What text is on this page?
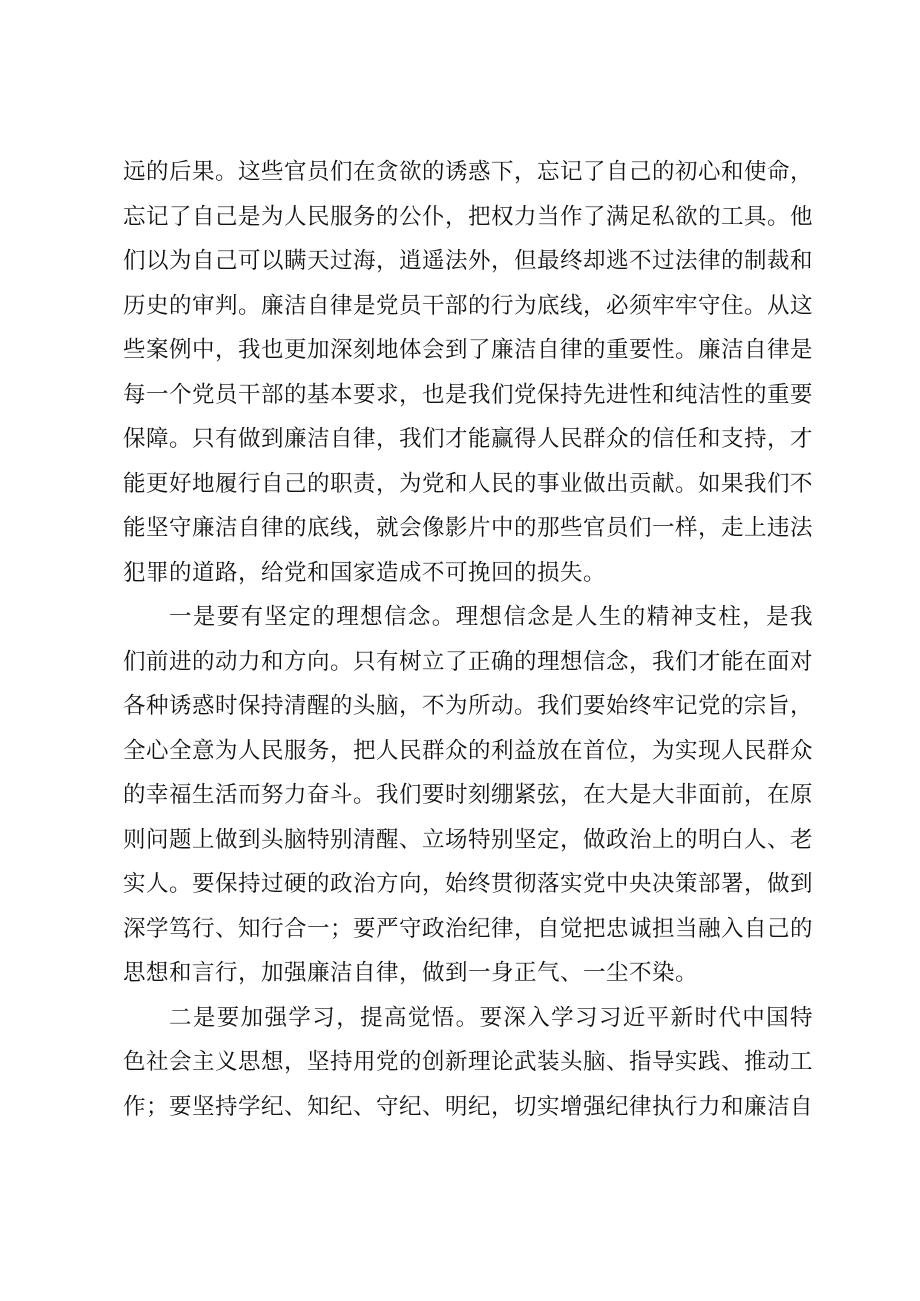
远的后果。这些官员们在贪欲的诱惑下，忘记了自己的初心和使命，
忘记了自己是为人民服务的公仆，把权力当作了满足私欲的工具。他
们以为自己可以瞒天过海，逍遥法外，但最终却逃不过法律的制裁和
历史的审判。廉洁自律是党员干部的行为底线，必须牢牢守住。从这
些案例中，我也更加深刻地体会到了廉洁自律的重要性。廉洁自律是
每一个党员干部的基本要求，也是我们党保持先进性和纯洁性的重要
保障。只有做到廉洁自律，我们才能赢得人民群众的信任和支持，才
能更好地履行自己的职责，为党和人民的事业做出贡献。如果我们不
能坚守廉洁自律的底线，就会像影片中的那些官员们一样，走上违法
犯罪的道路，给党和国家造成不可挽回的损失。
一是要有坚定的理想信念。理想信念是人生的精神支柱，是我
们前进的动力和方向。只有树立了正确的理想信念，我们才能在面对
各种诱惑时保持清醒的头脑，不为所动。我们要始终牢记党的宗旨，
全心全意为人民服务，把人民群众的利益放在首位，为实现人民群众
的幸福生活而努力奋斗。我们要时刻绷紧弦，在大是大非面前，在原
则问题上做到头脑特别清醒、立场特别坚定，做政治上的明白人、老
实人。要保持过硬的政治方向，始终贯彻落实党中央决策部署，做到
深学笃行、知行合一；要严守政治纪律，自觉把忠诚担当融入自己的
思想和言行，加强廉洁自律，做到一身正气、一尘不染。
二是要加强学习，提高觉悟。要深入学习习近平新时代中国特
色社会主义思想，坚持用党的创新理论武装头脑、指导实践、推动工
作；要坚持学纪、知纪、守纪、明纪，切实增强纪律执行力和廉洁自
